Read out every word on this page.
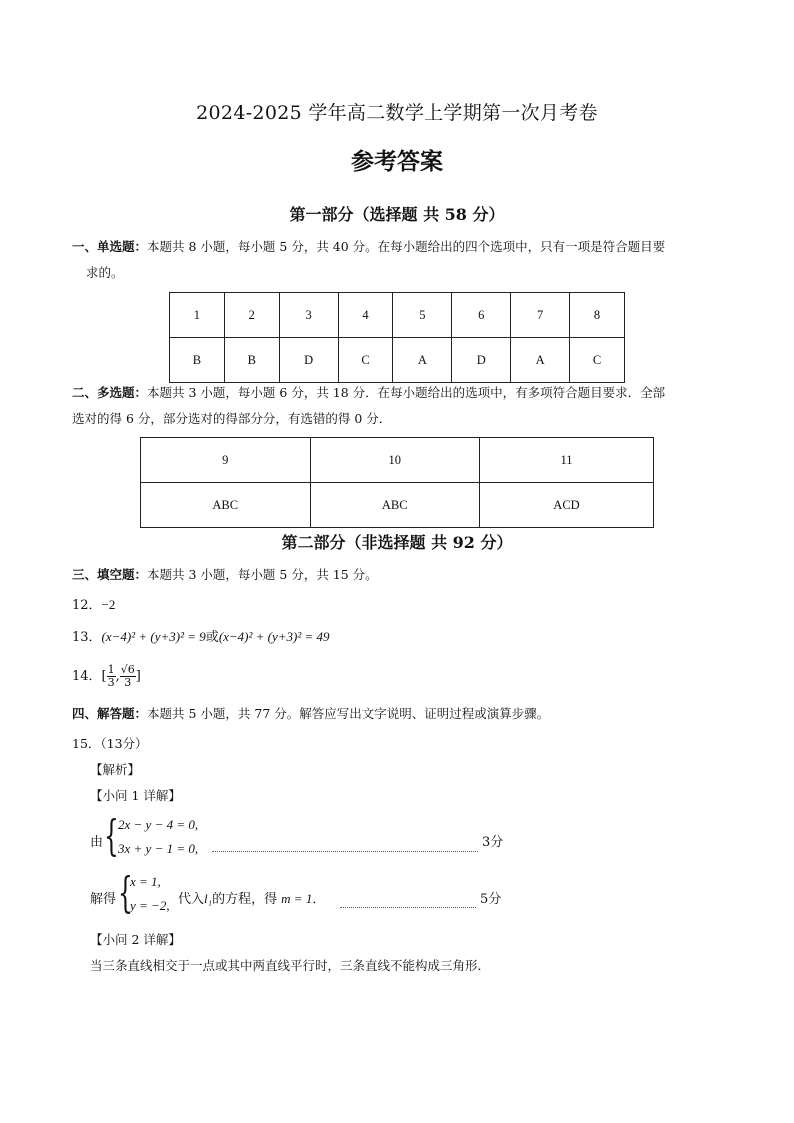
2024-2025 学年高二数学上学期第一次月考卷
参考答案
第一部分（选择题 共 58 分）
一、单选题：本题共 8 小题，每小题 5 分，共 40 分。在每小题给出的四个选项中，只有一项是符合题目要
求的。
1	2	3	4	5	6	7	8
B	B	D	C	A	D	A	C
二、多选题：本题共 3 小题，每小题 6 分，共 18 分．在每小题给出的选项中，有多项符合题目要求．全部
选对的得 6 分，部分选对的得部分分，有选错的得 0 分．
9	10	11
ABC	ABC	ACD
第二部分（非选择题 共 92 分）
三、填空题：本题共 3 小题，每小题 5 分，共 15 分。
12．−2
13．(x−4)² + (y+3)² = 9或(x−4)² + (y+3)² = 49
14．[ $\frac{1}{3}$ , $\frac{√6}{3}$ ]
四、解答题：本题共 5 小题，共 77 分。解答应写出文字说明、证明过程或演算步骤。
15．（13分）
【解析】
【小问 1 详解】
由 { 2x − y − 4 = 0,
3x + y − 1 = 0,	3分
解得 {
x = 1,
y = −2, 代入l₁的方程，得 m = 1．	5分
【小问 2 详解】
当三条直线相交于一点或其中两直线平行时，三条直线不能构成三角形．
